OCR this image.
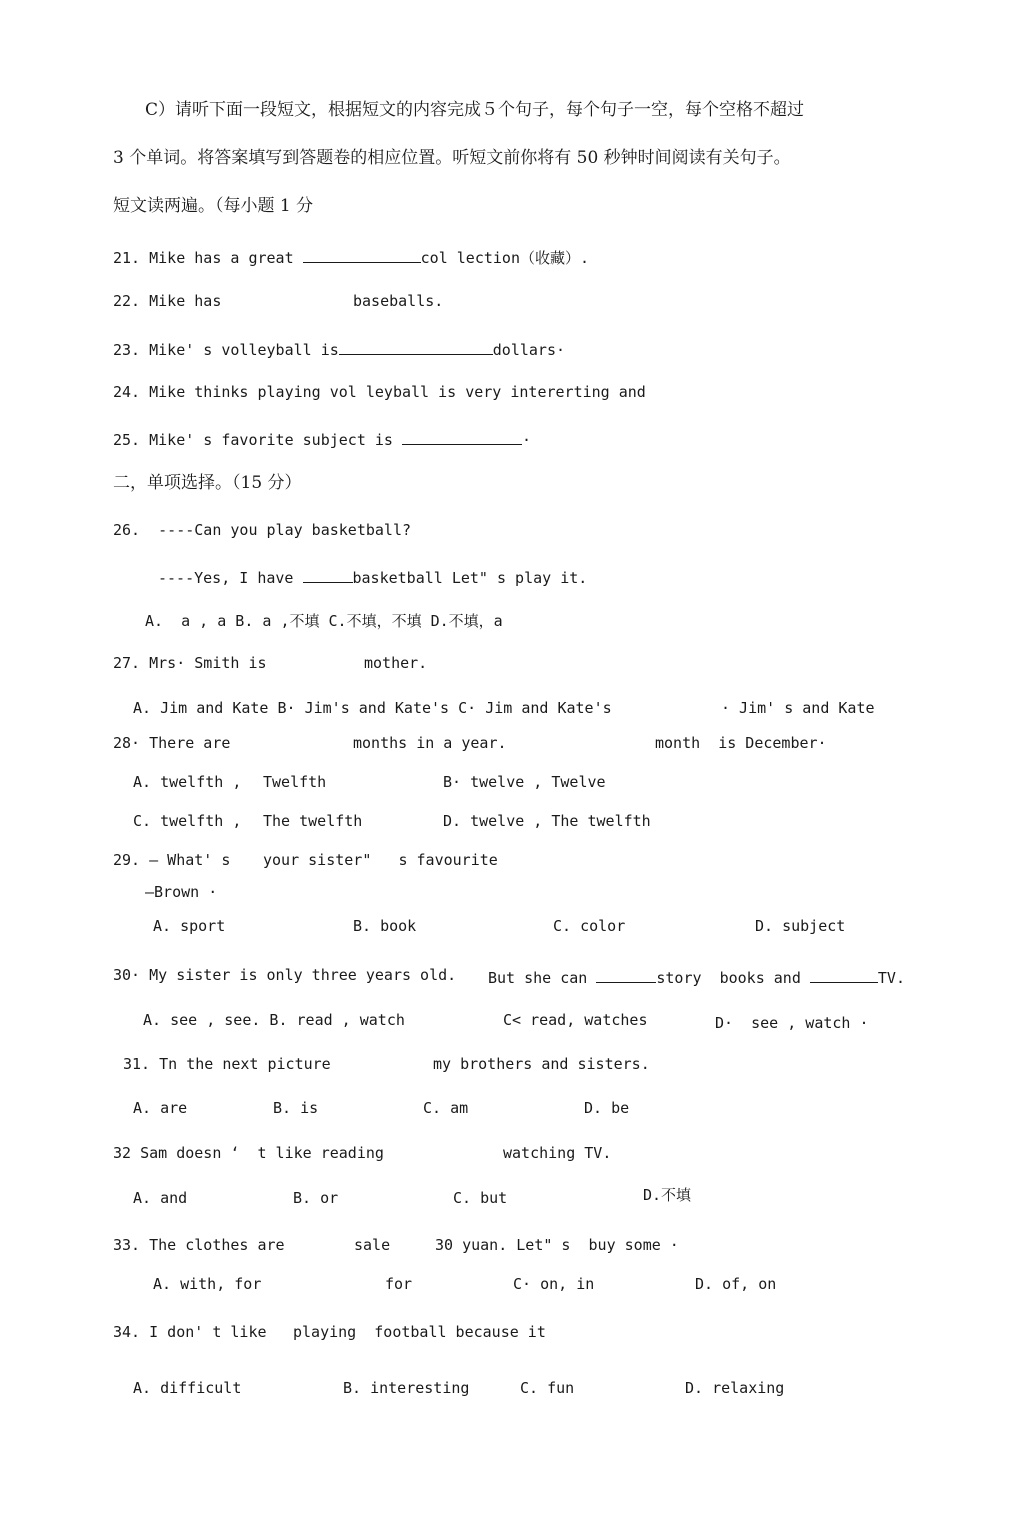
C）请听下面一段短文，根据短文的内容完成５个句子，每个句子一空，每个空格不超过
3 个单词。将答案填写到答题卷的相应位置。听短文前你将有 50 秒钟时间阅读有关句子。
短文读两遍。（每小题 1 分
21. Mike has a great	col lection（收藏）.
22. Mike has	baseballs.
23. Mike' s volleyball is	dollars·
24. Mike thinks playing vol leyball is very intererting and
25. Mike' s favorite subject is	·
二，单项选择。（15 分）
26.  ----Can you play basketball?
----Yes, I have	basketball Let" s play it.
A.  a , a B. a ,不填 C.不填，不填 D.不填，a
27. Mrs· Smith is	mother.
A. Jim and Kate B· Jim's and Kate's C· Jim and Kate's	· Jim' s and Kate
28· There are	months in a year.	month  is December·
A. twelfth , Twelfth	B· twelve , Twelve
C. twelfth , The twelfth	D. twelve , The twelfth
29. — What' s your sister"   s favourite
—Brown ·
A. sport	B. book	C. color	D. subject
30· My sister is only three years old. But she can	story  books and	TV.
A. see , see. B. read , watch	C< read, watches	D·  see , watch ·
31. Tn the next picture	my brothers and sisters.
A. are	B. is	C. am	D. be
32 Sam doesn ‘  t like reading	watching TV.
A. and	B. or	C. but	D.不填
33. The clothes are	sale	30 yuan. Let" s  buy some ·
A. with, for	for	C· on, in	D. of, on
34. I don' t like playing  football because it
A. difficult	B. interesting	C. fun	D. relaxing
